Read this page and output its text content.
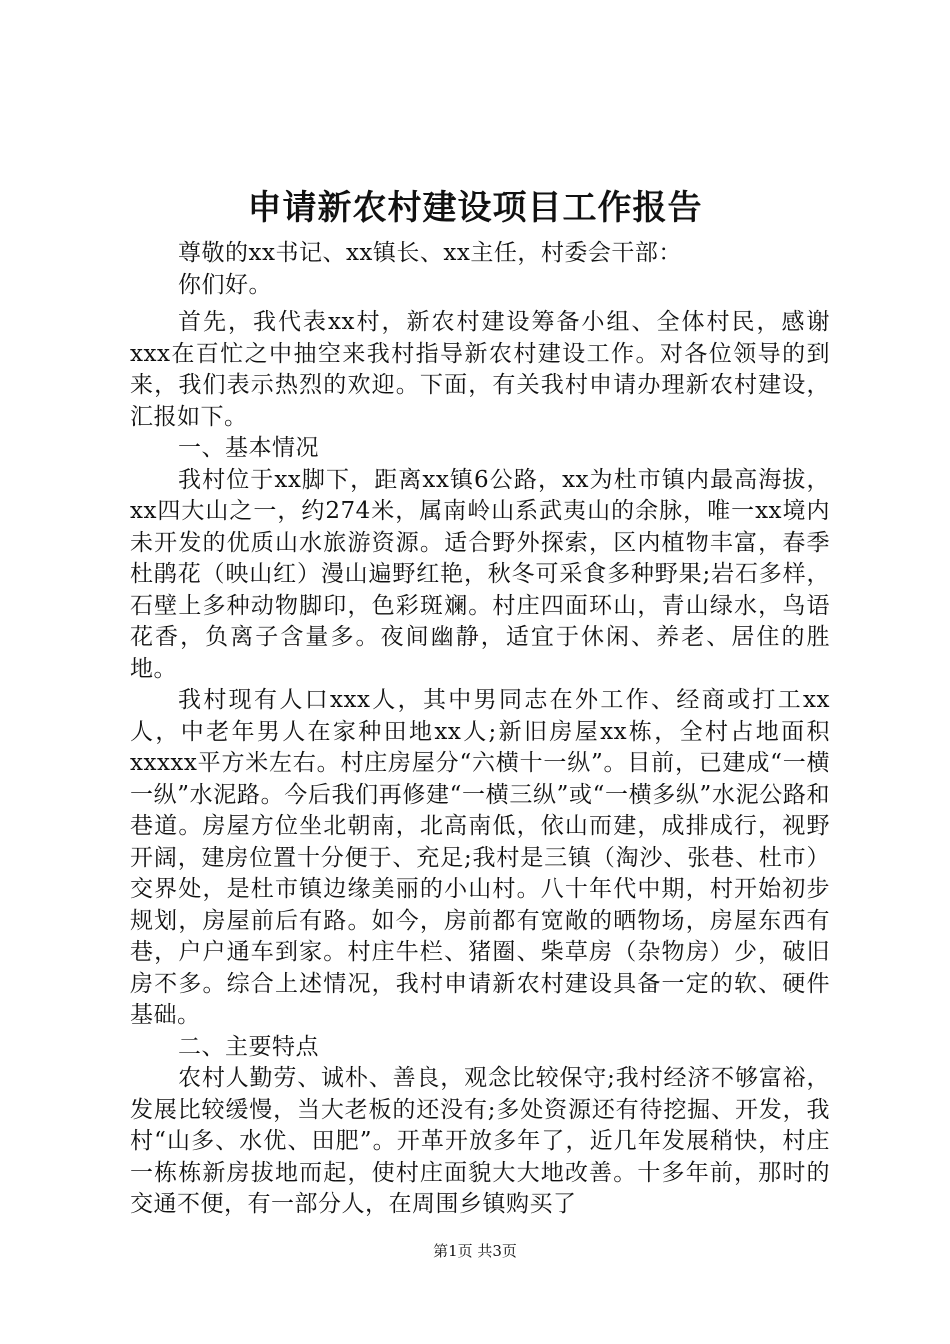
申请新农村建设项目工作报告

尊敬的xx书记、xx镇长、xx主任，村委会干部：

你们好。

首先，我代表xx村，新农村建设筹备小组、全体村民，感谢xxx在百忙之中抽空来我村指导新农村建设工作。对各位领导的到来，我们表示热烈的欢迎。下面，有关我村申请办理新农村建设，汇报如下。

一、基本情况

我村位于xx脚下，距离xx镇6公路，xx为杜市镇内最高海拔，xx四大山之一，约274米，属南岭山系武夷山的余脉，唯一xx境内未开发的优质山水旅游资源。适合野外探索，区内植物丰富，春季杜鹃花（映山红）漫山遍野红艳，秋冬可采食多种野果;岩石多样，石壁上多种动物脚印，色彩斑斓。村庄四面环山，青山绿水，鸟语花香，负离子含量多。夜间幽静，适宜于休闲、养老、居住的胜地。

我村现有人口xxx人，其中男同志在外工作、经商或打工xx人，中老年男人在家种田地xx人;新旧房屋xx栋，全村占地面积xxxxx平方米左右。村庄房屋分“六横十一纵”。目前，已建成“一横一纵”水泥路。今后我们再修建“一横三纵”或“一横多纵”水泥公路和巷道。房屋方位坐北朝南，北高南低，依山而建，成排成行，视野开阔，建房位置十分便于、充足;我村是三镇（淘沙、张巷、杜市）交界处，是杜市镇边缘美丽的小山村。八十年代中期，村开始初步规划，房屋前后有路。如今，房前都有宽敞的晒物场，房屋东西有巷，户户通车到家。村庄牛栏、猪圈、柴草房（杂物房）少，破旧房不多。综合上述情况，我村申请新农村建设具备一定的软、硬件基础。

二、主要特点

农村人勤劳、诚朴、善良，观念比较保守;我村经济不够富裕，发展比较缓慢，当大老板的还没有;多处资源还有待挖掘、开发，我村“山多、水优、田肥”。开革开放多年了，近几年发展稍快，村庄一栋栋新房拔地而起，使村庄面貌大大地改善。十多年前，那时的交通不便，有一部分人，在周围乡镇购买了

第1页 共3页
